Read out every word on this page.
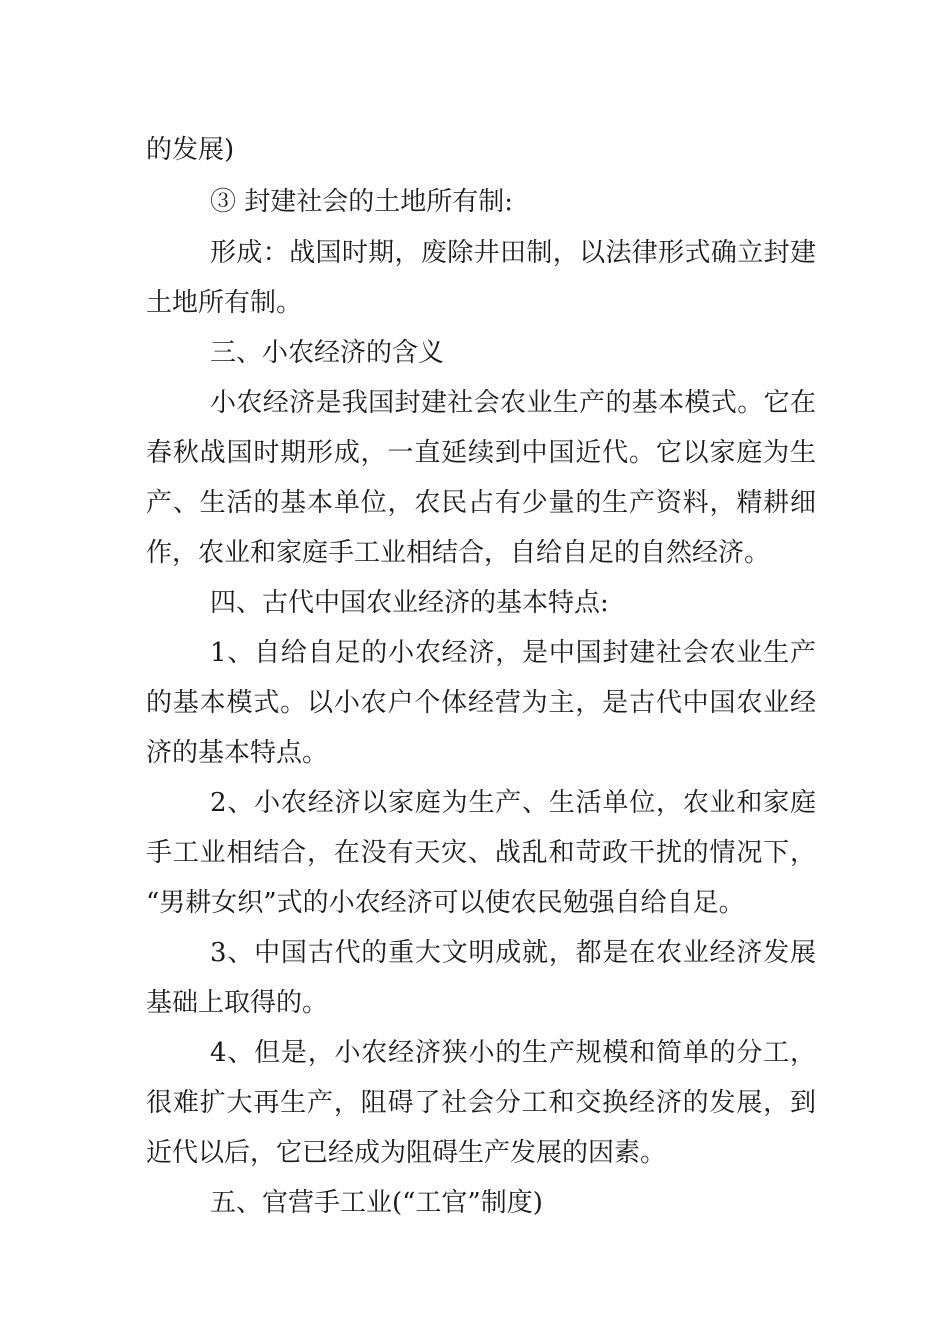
的发展)
③ 封建社会的土地所有制:
形成：战国时期，废除井田制，以法律形式确立封建
土地所有制。
三、小农经济的含义
小农经济是我国封建社会农业生产的基本模式。它在
春秋战国时期形成，一直延续到中国近代。它以家庭为生
产、生活的基本单位，农民占有少量的生产资料，精耕细
作，农业和家庭手工业相结合，自给自足的自然经济。
四、古代中国农业经济的基本特点:
1、自给自足的小农经济，是中国封建社会农业生产
的基本模式。以小农户个体经营为主，是古代中国农业经
济的基本特点。
2、小农经济以家庭为生产、生活单位，农业和家庭
手工业相结合，在没有天灾、战乱和苛政干扰的情况下，
“男耕女织”式的小农经济可以使农民勉强自给自足。
3、中国古代的重大文明成就，都是在农业经济发展
基础上取得的。
4、但是，小农经济狭小的生产规模和简单的分工，
很难扩大再生产，阻碍了社会分工和交换经济的发展，到
近代以后，它已经成为阻碍生产发展的因素。
五、官营手工业(“工官”制度)
